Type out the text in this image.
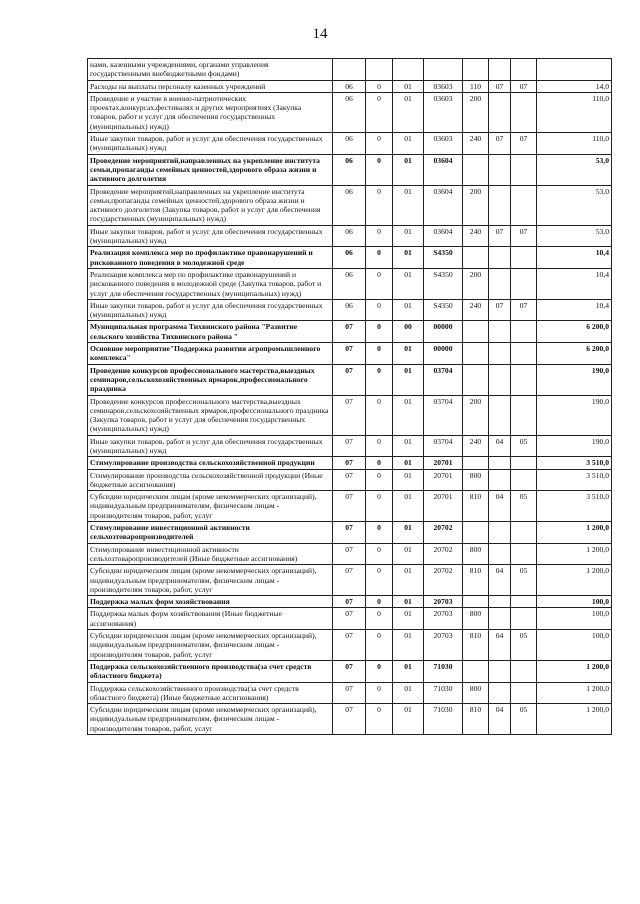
14
нами, казенными учреждениями, органами управления государственными внебюджетными фондами)								
Расходы на выплаты персоналу казенных учреждений	06	0	01	03603	110	07	07	14,0
Проведение и участие в военно-патриотических проектах,конкурсах,фестивалях и других мероприятиях (Закупка товаров, работ и услуг для обеспечения государственных (муниципальных) нужд)	06	0	01	03603	200			110,0
Иные закупки товаров, работ и услуг для обеспечения государственных (муниципальных) нужд	06	0	01	03603	240	07	07	110,0
Проведение мероприятий,направленных на укрепление института семьи,пропаганды семейных ценностей,здорового образа жизни и активного долголетия	06	0	01	03604				53,0
Проведение мероприятий,направленных на укрепление института семьи,пропаганды семейных ценностей,здорового образа жизни и активного долголетия (Закупка товаров, работ и услуг для обеспечения государственных (муниципальных) нужд)	06	0	01	03604	200			53,0
Иные закупки товаров, работ и услуг для обеспечения государственных (муниципальных) нужд	06	0	01	03604	240	07	07	53,0
Реализация комплекса мер по профилактике правонарушений и рискованного поведения в молодежной среде	06	0	01	S4350				10,4
Реализация комплекса мер по профилактике правонарушений и рискованного поведения в молодежной среде (Закупка товаров, работ и услуг для обеспечения государственных (муниципальных) нужд)	06	0	01	S4350	200			10,4
Иные закупки товаров, работ и услуг для обеспечения государственных (муниципальных) нужд	06	0	01	S4350	240	07	07	10,4
Муниципальная программа Тихвинского района "Развитие сельского хозяйства Тихвинского района "	07	0	00	00000				6 200,0
Основное мероприятие"Поддержка развития агропромышленного комплекса"	07	0	01	00000				6 200,0
Проведение конкурсов профессионального мастерства,выездных семинаров,сельскохозяйственных ярмарок,профессионального праздника	07	0	01	03704				190,0
Проведение конкурсов профессионального мастерства,выездных семинаров,сельскохозяйственных ярмарок,профессионального праздника (Закупка товаров, работ и услуг для обеспечения государственных (муниципальных) нужд)	07	0	01	03704	200			190,0
Иные закупки товаров, работ и услуг для обеспечения государственных (муниципальных) нужд	07	0	01	03704	240	04	05	190,0
Стимулирование производства сельскохозяйственной продукции	07	0	01	20701				3 510,0
Стимулирование производства сельскохозяйственной продукции (Иные бюджетные ассигнования)	07	0	01	20701	800			3 510,0
Субсидии юридическим лицам (кроме некоммерческих организаций), индивидуальным предпринимателям, физическим лицам - производителям товаров, работ, услуг	07	0	01	20701	810	04	05	3 510,0
Стимулирование инвестиционной активности сельхозтоваропроизводителей	07	0	01	20702				1 200,0
Стимулирование инвестиционной активности сельхозтоваропроизводителей (Иные бюджетные ассигнования)	07	0	01	20702	800			1 200,0
Субсидии юридическим лицам (кроме некоммерческих организаций), индивидуальным предпринимателям, физическим лицам - производителям товаров, работ, услуг	07	0	01	20702	810	04	05	1 200,0
Поддержка малых форм хозяйствования	07	0	01	20703				100,0
Поддержка малых форм хозяйствования (Иные бюджетные ассигнования)	07	0	01	20703	800			100,0
Субсидии юридическим лицам (кроме некоммерческих организаций), индивидуальным предпринимателям, физическим лицам - производителям товаров, работ, услуг	07	0	01	20703	810	04	05	100,0
Поддержка сельскохозяйственного производства(за счет средств областного бюджета)	07	0	01	71030				1 200,0
Поддержка сельскохозяйственного производства(за счет средств областного бюджета) (Иные бюджетные ассигнования)	07	0	01	71030	800			1 200,0
Субсидии юридическим лицам (кроме некоммерческих организаций), индивидуальным предпринимателям, физическим лицам - производителям товаров, работ, услуг	07	0	01	71030	810	04	05	1 200,0
